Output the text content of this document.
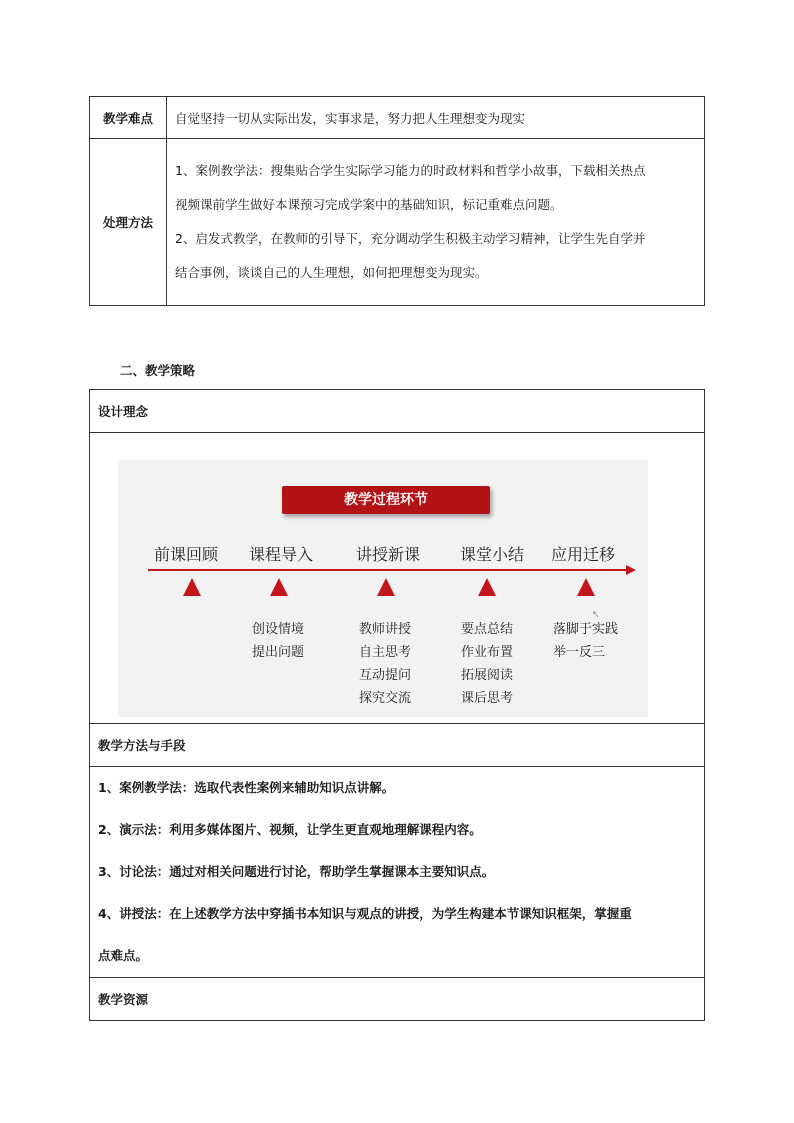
教学难点	自觉坚持一切从实际出发，实事求是，努力把人生理想变为现实
处理方法	1、案例教学法：搜集贴合学生实际学习能力的时政材料和哲学小故事，下载相关热点

视频课前学生做好本课预习完成学案中的基础知识，标记重难点问题。

2、启发式教学，在教师的引导下，充分调动学生积极主动学习精神，让学生先自学并

结合事例，谈谈自己的人生理想，如何把理想变为现实。

二、教学策略
设计理念

教学过程环节
前课回顾 课程导入	讲授新课 课堂小结 应用迁移
↖
创设情境
提出问题
教师讲授
自主思考
互动提问
探究交流
要点总结
作业布置
拓展阅读
课后思考
落脚于实践
举一反三

教学方法与手段

1、案例教学法：选取代表性案例来辅助知识点讲解。

2、演示法：利用多媒体图片、视频，让学生更直观地理解课程内容。

3、讨论法：通过对相关问题进行讨论，帮助学生掌握课本主要知识点。

4、讲授法：在上述教学方法中穿插书本知识与观点的讲授，为学生构建本节课知识框架，掌握重

点难点。

教学资源
